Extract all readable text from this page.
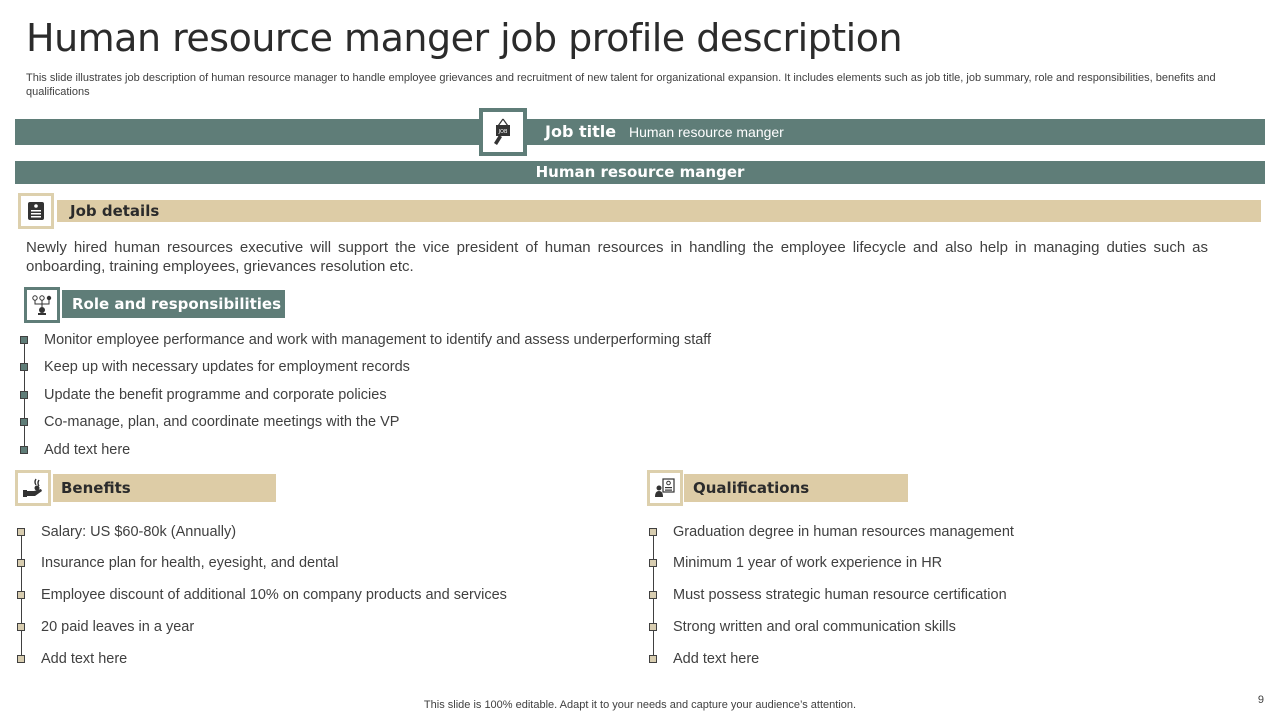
Human resource manger job profile description

This slide illustrates job description of human resource manager to handle employee grievances and recruitment of new talent for organizational expansion. It includes elements such as job title, job summary, role and responsibilities, benefits and qualifications

JOB Job title Human resource manger
Human resource manger
Job details

Newly hired human resources executive will support the vice president of human resources in handling the employee lifecycle and also help in managing duties such as onboarding, training employees, grievances resolution etc.

Role and responsibilities
Monitor employee performance and work with management to identify and assess underperforming staff
Keep up with necessary updates for employment records
Update the benefit programme and corporate policies
Co-manage, plan, and coordinate meetings with the VP
Add text here
Benefits
Salary: US $60-80k (Annually)
Insurance plan for health, eyesight, and dental
Employee discount of additional 10% on company products and services
20 paid leaves in a year
Add text here
Qualifications
Graduation degree in human resources management
Minimum 1 year of work experience in HR
Must possess strategic human resource certification
Strong written and oral communication skills
Add text here
This slide is 100% editable. Adapt it to your needs and capture your audience’s attention.	9
